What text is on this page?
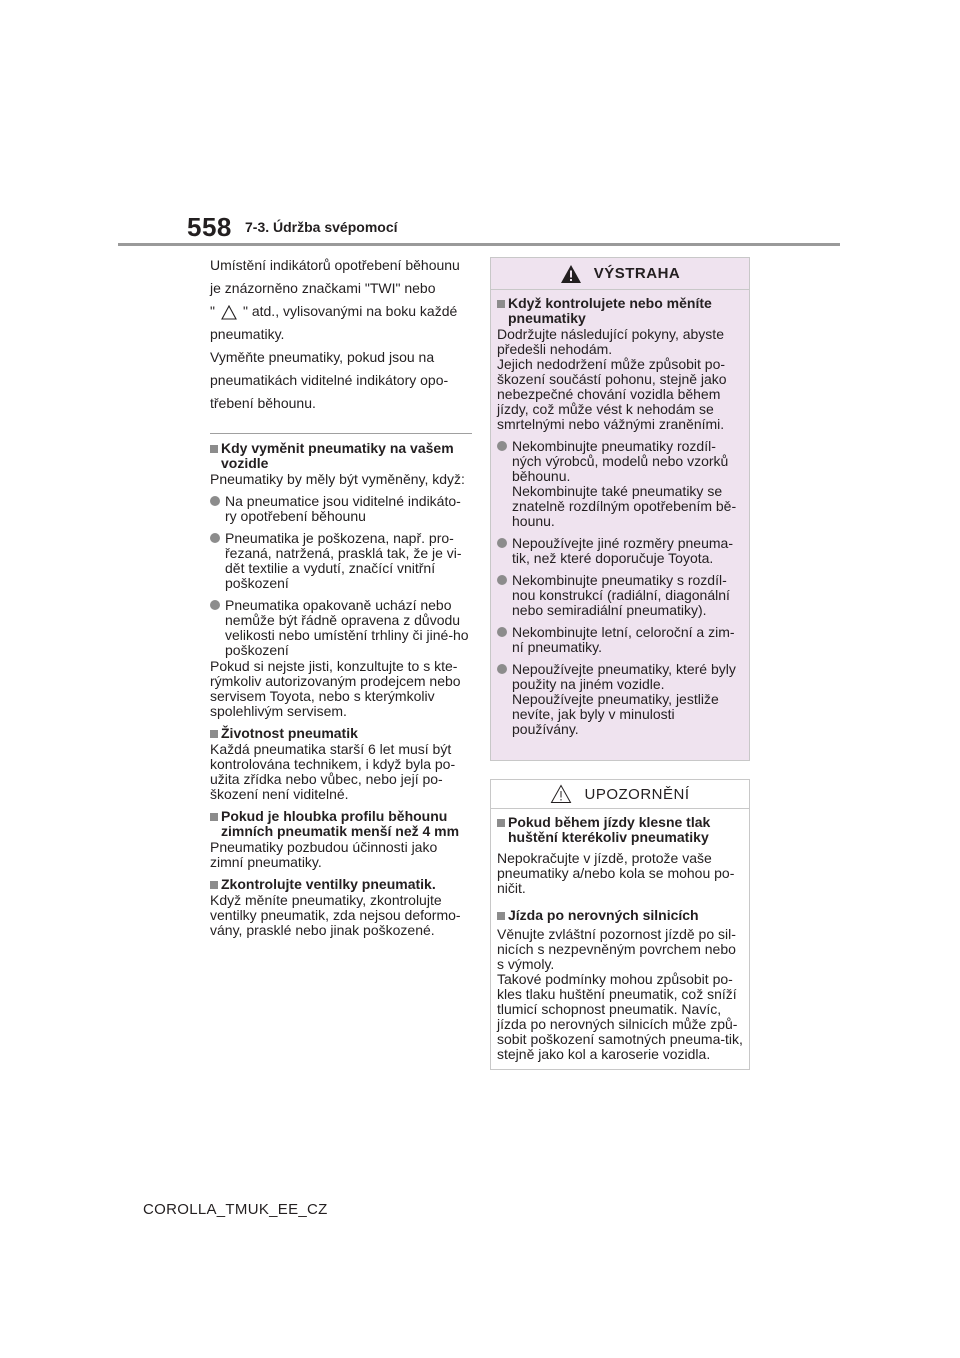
558 7-3. Údržba svépomocí

Umístění indikátorů opotřebení běhounu

je znázorněno značkami "TWI" nebo

" " atd., vylisovanými na boku každé

pneumatiky.

Vyměňte pneumatiky, pokud jsou na

pneumatikách viditelné indikátory opo-

třebení běhounu.

Kdy vyměnit pneumatiky na vašem vozidle
Pneumatiky by měly být vyměněny, když:
Na pneumatice jsou viditelné indikáto-ry opotřebení běhounu
Pneumatika je poškozena, např. pro-řezaná, natržená, prasklá tak, že je vi-dět textilie a vydutí, značící vnitřní poškození
Pneumatika opakovaně uchází nebo nemůže být řádně opravena z důvodu velikosti nebo umístění trhliny či jiné-ho poškození
Pokud si nejste jisti, konzultujte to s kte-rýmkoliv autorizovaným prodejcem nebo servisem Toyota, nebo s kterýmkoliv spolehlivým servisem.
Životnost pneumatik
Každá pneumatika starší 6 let musí být kontrolována technikem, i když byla po-užita zřídka nebo vůbec, nebo její po-škození není viditelné.
Pokud je hloubka profilu běhounu zimních pneumatik menší než 4 mm
Pneumatiky pozbudou účinnosti jako zimní pneumatiky.
Zkontrolujte ventilky pneumatik.
Když měníte pneumatiky, zkontrolujte ventilky pneumatik, zda nejsou deformo-vány, prasklé nebo jinak poškozené.
VÝSTRAHA
Když kontrolujete nebo měníte pneumatiky
Dodržujte následující pokyny, abyste předešli nehodám.
Jejich nedodržení může způsobit po-škození součástí pohonu, stejně jako nebezpečné chování vozidla během jízdy, což může vést k nehodám se smrtelnými nebo vážnými zraněními.
Nekombinujte pneumatiky rozdíl-ných výrobců, modelů nebo vzorků běhounu.
Nekombinujte také pneumatiky se znatelně rozdílným opotřebením bě-hounu.
Nepoužívejte jiné rozměry pneuma-tik, než které doporučuje Toyota.
Nekombinujte pneumatiky s rozdíl-nou konstrukcí (radiální, diagonální nebo semiradiální pneumatiky).
Nekombinujte letní, celoroční a zim-ní pneumatiky.
Nepoužívejte pneumatiky, které byly použity na jiném vozidle.
Nepoužívejte pneumatiky, jestliže nevíte, jak byly v minulosti používány.
UPOZORNĚNÍ
Pokud během jízdy klesne tlak huštění kterékoliv pneumatiky
Nepokračujte v jízdě, protože vaše pneumatiky a/nebo kola se mohou po-ničit.
Jízda po nerovných silnicích
Věnujte zvláštní pozornost jízdě po sil-nicích s nezpevněným povrchem nebo s výmoly.
Takové podmínky mohou způsobit po-kles tlaku huštění pneumatik, což sníží tlumicí schopnost pneumatik. Navíc, jízda po nerovných silnicích může způ-sobit poškození samotných pneuma-tik, stejně jako kol a karoserie vozidla.
COROLLA_TMUK_EE_CZ
